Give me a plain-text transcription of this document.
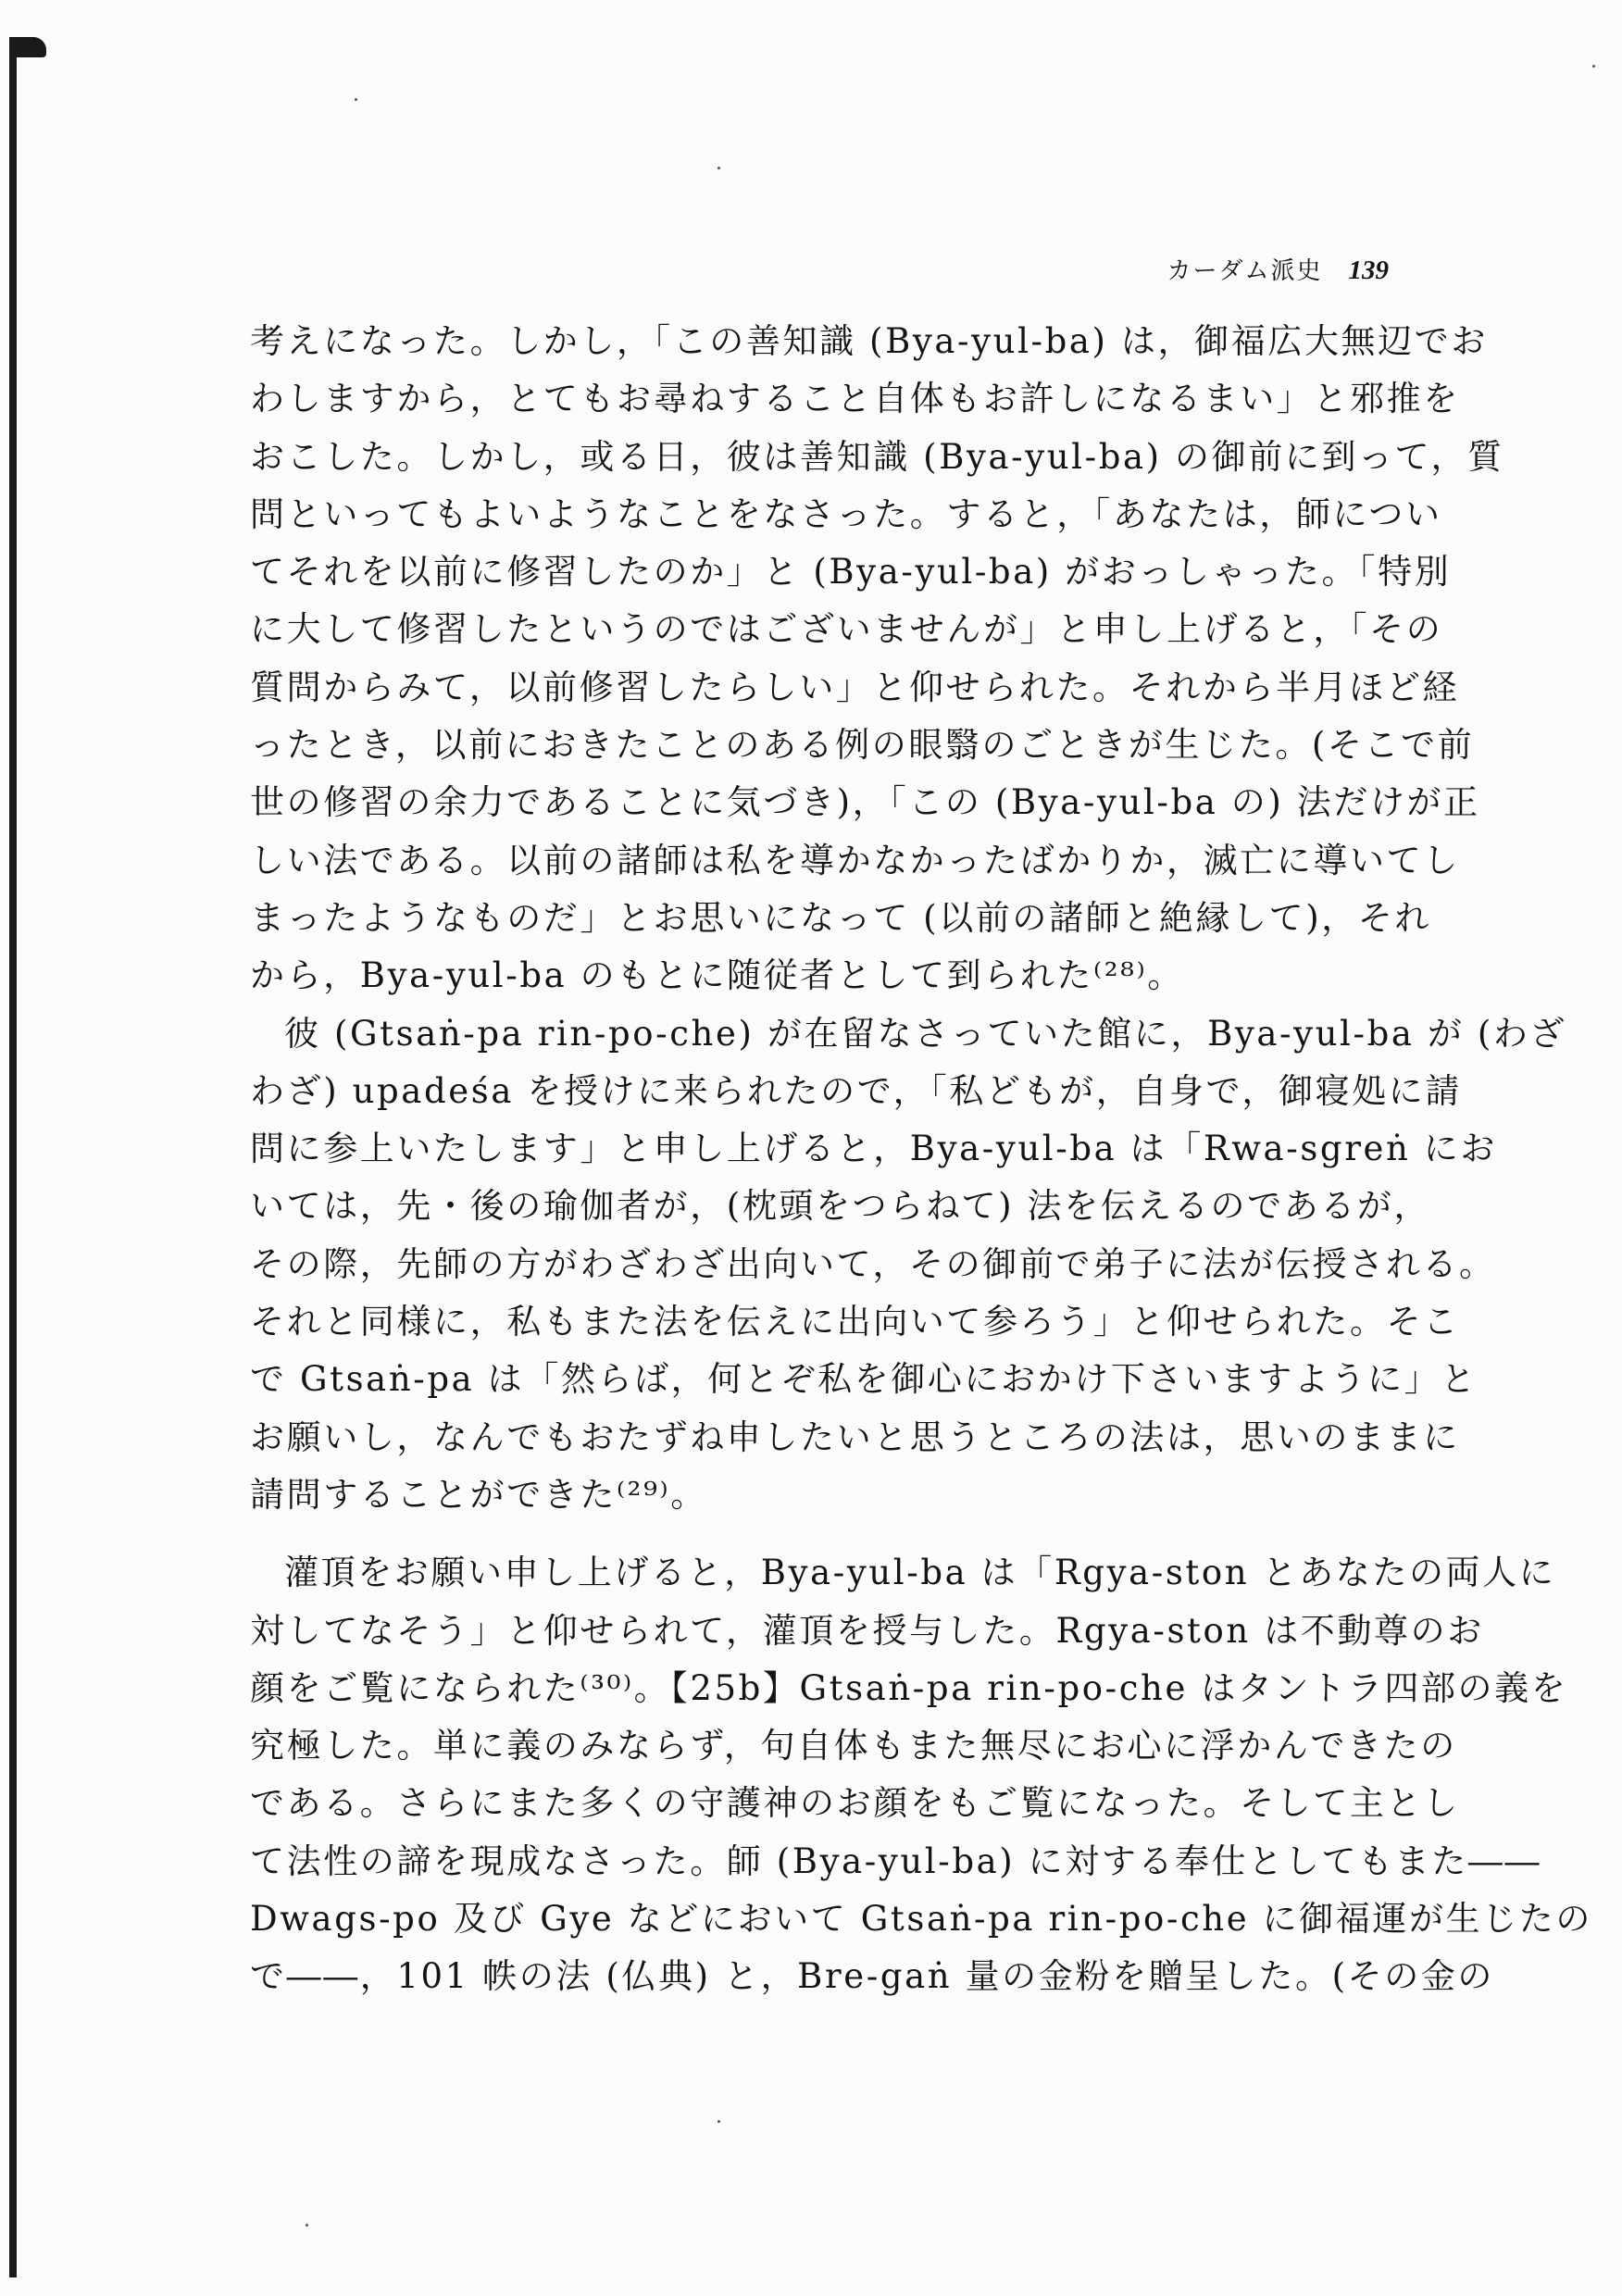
カーダム派史 139
考えになった。しかし，「この善知識 (Bya-yul-ba) は，御福広大無辺でお
わしますから，とてもお尋ねすること自体もお許しになるまい」と邪推を
おこした。しかし，或る日，彼は善知識 (Bya-yul-ba) の御前に到って，質
問といってもよいようなことをなさった。すると，「あなたは，師につい
てそれを以前に修習したのか」と (Bya-yul-ba) がおっしゃった。「特別
に大して修習したというのではございませんが」と申し上げると，「その
質問からみて，以前修習したらしい」と仰せられた。それから半月ほど経
ったとき，以前におきたことのある例の眼翳のごときが生じた。(そこで前
世の修習の余力であることに気づき)，「この (Bya-yul-ba の) 法だけが正
しい法である。以前の諸師は私を導かなかったばかりか，滅亡に導いてし
まったようなものだ」とお思いになって (以前の諸師と絶縁して)，それ
から，Bya-yul-ba のもとに随従者として到られた⁽²⁸⁾。
彼 (Gtsaṅ-pa rin-po-che) が在留なさっていた館に，Bya-yul-ba が (わざ
わざ) upadeśa を授けに来られたので，「私どもが，自身で，御寝処に請
問に参上いたします」と申し上げると，Bya-yul-ba は「Rwa-sgreṅ にお
いては，先・後の瑜伽者が，(枕頭をつらねて) 法を伝えるのであるが，
その際，先師の方がわざわざ出向いて，その御前で弟子に法が伝授される。
それと同様に，私もまた法を伝えに出向いて参ろう」と仰せられた。そこ
で Gtsaṅ-pa は「然らば，何とぞ私を御心におかけ下さいますように」と
お願いし，なんでもおたずね申したいと思うところの法は，思いのままに
請問することができた⁽²⁹⁾。
灌頂をお願い申し上げると，Bya-yul-ba は「Rgya-ston とあなたの両人に
対してなそう」と仰せられて，灌頂を授与した。Rgya-ston は不動尊のお
顔をご覧になられた⁽³⁰⁾。【25b】Gtsaṅ-pa rin-po-che はタントラ四部の義を
究極した。単に義のみならず，句自体もまた無尽にお心に浮かんできたの
である。さらにまた多くの守護神のお顔をもご覧になった。そして主とし
て法性の諦を現成なさった。師 (Bya-yul-ba) に対する奉仕としてもまた――
Dwags-po 及び Gye などにおいて Gtsaṅ-pa rin-po-che に御福運が生じたの
で――，101 帙の法 (仏典) と，Bre-gaṅ 量の金粉を贈呈した。(その金の
